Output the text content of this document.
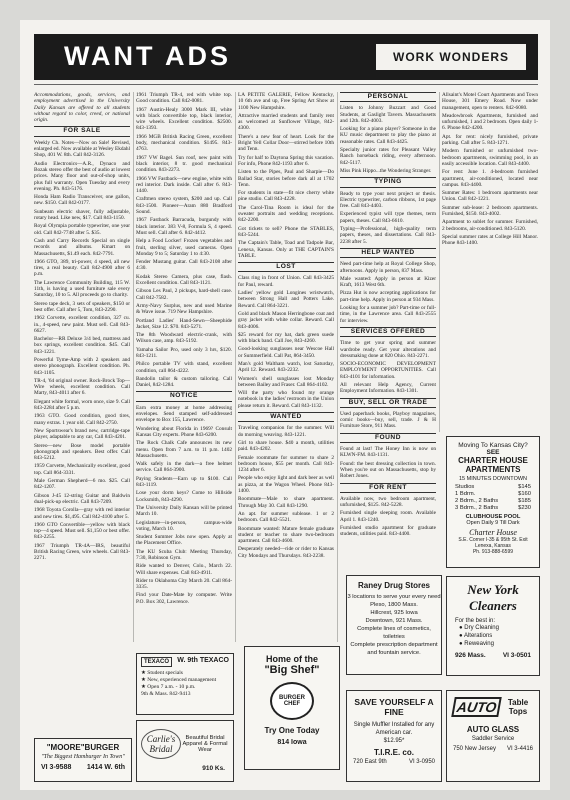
WANT ADS	WORK WONDERS

Accommodations, goods, services, and employment advertised in the University Daily Kansan are offered to all students without regard to color, creed, or national origin.

FOR SALE

Weekly Ch. Notes—Now on Sale! Revised, enlarged ed. Now available at Wesley Ekdahl Shop, 401 W. 8th. Call 842-3126.

Audio Electronics—A.R., Dynaco and Bozak stereo offer the best of audio at lowest prices. Many floor and out-of-shop units, plus full warranty. Open Tuesday and every evening. Ph. 843-5176.

Honda Ham Radio Transceiver, one gallon, new. $150. Call 842-0177.

Sunbeam electric shaver, fully adjustable, rotary head. Like new, $17. Call 843-1150.

Royal Olympia portable typewriter, one year old. Call 842-7748 after 5. $35.

Cash and Carry Records Special on single records and albums. Kmart on Massachusetts, $1.49 each. 842-7791.

1966 GTO, 389, tri-power, 4 speed, all new tires, a real beauty. Call 842-4900 after 6 p.m.

The Lawrence Community Building, 115 W. 11th, is having a used furniture sale every Saturday, 10 to 5. All proceeds go to charity.

Stereo tape deck, 3 sets of speakers, $150 or best offer. Call after 5, Tom, 843-2290.

1962 Corvette, excellent condition, 327 cu. in., 4-speed, new paint. Must sell. Call 843-6627.

Bachelor—RR Deluxe 3/4 bed, mattress and box springs, excellent condition. $45. Call 843-1221.

Powerful Tyme-Amp with 2 speakers and stereo phonograph. Excellent condition. Ph. 843-1105.

TR-4, '64 original owner. Rock-Brock Top—Wire wheels, excellent condition. Call Marty, 843-4011 after 6.

Elegant white formal, worn once, size 9. Call 843-2284 after 5 p.m.

1963 GTO. Good condition, good tires, many extras. 1 year old. Call 842-2750.

New Sportswear's brand new, cartridge-tape player, adaptable to any car, Call 843-4201.

Stereo—new Bose model portable phonograph and speakers. Best offer. Call 843-5212.

1959 Corvette, Mechanically excellent, good top. Call 864-3331.

Male German Shepherd—6 mo. $25. Call 842-1207.

Gibson J-45 12-string Guitar and Baldwin dual-pick-up electric. Call 843-7209.

1968 Toyota Corolla—gray with red interior and new tires. $1,495. Call 842-4100 after 5.

1960 GTO Convertible—yellow with black top—4 speed. Must sell. $1,150 or best offer. 843-2255.

1967 Triumph TR-4A—IRS, beautiful British Racing Green, wire wheels. Call 843-2271.

1961 Triumph TR-4, red with white top. Good condition. Call 842-0081.

1967 Austin-Healy 3000 Mark III, white with black convertible top, black interior, wire wheels. Excellent condition. $2500. 843-1393.

1966 MGB British Racing Green, excellent body, mechanical condition. $1495. 843-4763.

1967 VW Bagel. Sun roof, new paint with black interior, 8 tr. good mechanical condition. 843-2273.

1966 VW Fastback—new engine, white with red interior. Dark inside. Call after 6. 843-1440.

Craftmen stereo system, $200 and up. Call 843-1500. Pioneer—Aram 880 Bradford Sound.

1967 Fastback Barracuda, burgundy with black interior. 383 V-8, Formula S, 4 speed. Must sell. Call after 6. 842-4412.

Help a Food Locker! Frozen vegetables and fruit, sterling silver, used cameras. Open Monday 9 to 5; Saturday 1 to 4:30.

Fender Mustang guitar. Call 843-2108 after 4:30.

Kodak Stereo Camera, plus case, flash. Excellent condition. Call 843-1121.

Gibson Les Paul, 2 pickups, hard-shell case. Call 842-7582.

Army-Navy Surplus, new and used Marine & Wave issue. 719 New Hampshire.

Portland Ladies' Hand-Sewn—Sheephide Jacket, Size 12. $70. 843-5271.

The 8th Woodward electric-crank, with Wilson case, amp. 843-5192.

Yamaha Sailor Pro, used only 3 hrs, $120. 843-1211.

Philco portable TV with stand, excellent condition, call 864-4222.

Bandolin tailor & custom tailoring. Call Daniel, 842-1284.

NOTICE

Earn extra money at home addressing envelopes. Send stamped self-addressed envelope to Box 155, Lawrence.

Wondering about Florida in 1969? Consult Kansas City experts. Phone 843-6200.

The Rock Chalk Cafe announces its new menu. Open from 7 a.m. to 11 p.m. 1402 Massachusetts.

Walk safely in the dark—a free helmet service. Call 864-3900.

Paying Students—Earn up to $100. Call 843-1119.

Lose your dorm keys? Come to Hillside Locksmith, 843-4290.

The University Daily Kansan will be printed March 10.

Legislature—in-person, campus-wide voting, March 10.

Student Summer Jobs now open. Apply at the Placement Office.

The KU Scuba Club: Meeting Thursday, 7:30, Robinson Gym.

Ride wanted to Denver, Colo., March 22. Will share expenses. Call 843-4911.

Rider to Oklahoma City March 20. Call 864-3335.

Find your Date-Mate by computer. Write P.O. Box 302, Lawrence.

LA PETITE GALERIE, Fellow Kentucky, 10 6th ave and up, Free Spring Art Show at 1100 New Hampshire.

Attractive married students and family rent as welcomed at Sunflower Village, 842-4300.

There's a new fear of heart. Look for the Bright Yell Collar Door—stirred before 10th and Tenn.

Try for half to Daytona Spring this vacation. For info, Phone 842-1193 after 6.

Listen to the Pipes, Paul and Sharpie—Do Ballad Star, stories before dark all at 1702 Tenn.

For students in state—fit nice cherry white pine studio. Call 843-4228.

The Carol-Tina Room is ideal for the sweater portraits and wedding receptions. 842-2200.

Got tickets to sell? Phone the STABLES, 843-5244.

The Captain's Table, Toad and Tadpole Bar, Lenexa, Kansas. Only at THE CAPTAIN'S TABLE.

LOST

Class ring in front of Union. Call 843-3425 for Paul, reward.

Ladies' yellow gold Longines wristwatch, between Strong Hall and Potters Lake. Reward. Call 864-3221.

Gold and black Mason Herringbone coat and gray jacket with white collar. Reward. Call 843-4006.

$25 reward for my hat, dark green suede with black band. Call Joe, 843-4260.

Good-looking sunglasses near Wescoe Hall or Summerfield. Call Pat, 864-3450.

Man's gold Waltham watch, lost Saturday, April 12. Reward. 843-2232.

Women's shell sunglasses lost Monday between Bailey and Fraser. Call 864-4102.

Will the party who found my orange notebook in the ladies' restroom in the Union please return it. Reward. Call 843-1132.

WANTED

Traveling companion for the summer. Will do morning weaving. 843-1221.

Girl to share house. $40 a month, utilities paid. 843-4202.

Female roommate for summer to share 2 bedroom house, $55 per month. Call 843-1234 after 6.

People who enjoy light and dark beer as well as pizza, at the Wagon Wheel. Phone 843-1400.

Roommate—Male to share apartment. Through May 30. Call 843-1290.

An apt. for summer sublease. 1 or 2 bedroom. Call 842-5521.

Roommate wanted: Mature female graduate student or teacher to share two-bedroom apartment. Call 843-4600.

Desperately needed—ride or rider to Kansas City Mondays and Thursdays. 843-2238.

PERSONAL

Listen to Johnny Buzzart and Good Students, at Gaslight Tavern. Massachusetts and 12th. 842-4003.

Looking for a piano player? Someone in the KU music department to play the piano at reasonable rates. Call 843-4425.

Specialty junior rates for Pleasant Valley Ranch horseback riding, every afternoon. 842-5117.

Miss Pink Hippo...the Wondering Stranger.

TYPING

Ready to type your next project or thesis. Electric typewriter, carbon ribbons, 1st page free. Call 843-4403.

Experienced typist will type themes, term papers, theses. Call 843-6610.

Typing—Professional, high-quality term papers, theses, and dissertations. Call 843-2238 after 5.

HELP WANTED

Need part-time help at Royal College Shop, afternoons. Apply in person, 837 Mass.

Male wanted: Apply in person at Kizer Kraft, 1613 West 6th.

Pizza Hut is now accepting applications for part-time help. Apply in person at 934 Mass.

Looking for a summer job? Part-time or full-time, in the Lawrence area. Call 843-2555 for interview.

SERVICES OFFERED

Time to get your spring and summer wardrobe ready. Get your alterations and dressmaking done at 820 Ohio. 843-2271.

SOCIO-ECONOMIC DEVELOPMENT EMPLOYMENT OPPORTUNITIES. Call 843-4101 for information.

All relevant Help Agency, Current Employment Information. 843-1301.

BUY, SELL OR TRADE

Used paperback books, Playboy magazines, comic books—buy, sell, trade. J & H Furniture Store, 911 Mass.

FOUND

Found at last! The Honey Inn is now on KLWN-FM. 843-1131.

Found: the best dressing collection in town. When you're out on Massachusetts, stop by Robert Jones.

FOR RENT

Available now, two bedroom apartment, unfurnished, $125. 842-5228.

Furnished single sleeping room. Available April 1. 843-1240.

Furnished studio apartment for graduate students, utilities paid. 843-4400.

Allsaint's Motel Court Apartments and Town House, 301 Emery Road. Now under management, open to renters. 842-6080.

Meadowbrook Apartments, furnished and unfurnished, 1 and 2 bedroom. Open daily 1-6. Phone 842-4200.

Apt. for rent: nicely furnished, private parking. Call after 5. 843-1271.

Modern furnished or unfurnished two-bedroom apartments, swimming pool, in an easily accessible location. Call 843-4400.

For rent: June 1. 4-bedroom furnished apartment, air-conditioned, located near campus. 843-4400.

Summer Rates: 1 bedroom apartments near Union. Call 842-1221.

Summer sub-lease: 2 bedroom apartments. Furnished, $150. 843-4002.

Apartment to sublet for summer. Furnished, 2 bedrooms, air-conditioned. 843-5120.

Special summer rates at College Hill Manor. Phone 843-1400.

"MOORE"BURGER
"The Biggest Hamburger In Town"
VI 3-9588 1414 W. 6th
TEXACO	W. 9th TEXACO

★ Student specials

★ New, experienced management

★ Open 7 a.m. - 10 p.m.

9th & Mass. 842-9413

Carlie's Bridal
Beautiful Bridal Apparel & Formal Wear
910 Ks.
Home of the
"Big Shef"
BURGER CHEF
Try One Today
814 Iowa
Raney Drug Stores

3 locations to serve your every need

Pleso, 1800 Mass.

Hillcrest, 925 Iowa

Downtown, 921 Mass.

Complete lines of cosmetics, toiletries

Complete prescription department and fountain service.

SAVE YOURSELF A FINE

Single Muffler Installed for any American car.

$12.95*

T.I.R.E. co.
720 East 9th	VI 3-0950
Moving To Kansas City?
SEE
CHARTER HOUSE APARTMENTS
15 MINUTES DOWNTOWN
Studios	$145
1 Bdrm.	$160
2 Bdrm., 2 Baths	$185
3 Bdrm., 2 Baths	$230
CLUBHOUSE POOL
Open Daily 9 Till Dark
Charter House
S.E. Corner I-35 & 95th St. Exit
Lenexa, Kansas
Ph. 913-888-6599
New York
Cleaners
For the best in:

● Dry Cleaning

● Alterations

● Reweaving

926 Mass.	VI 3-0501
AUTO	Table Tops
AUTO GLASS
Saddler Service
750 New Jersey VI 3-4416
